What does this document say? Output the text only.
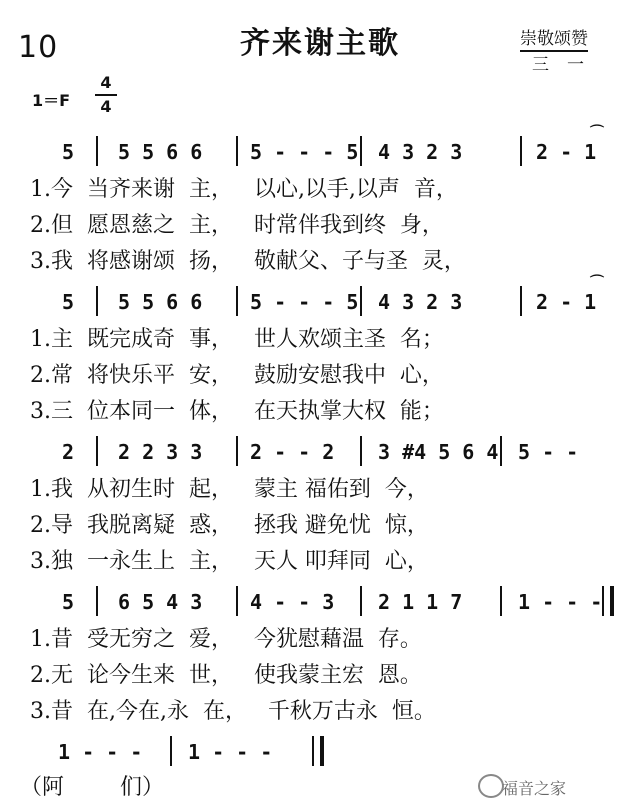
10	齐来谢主歌	崇敬颂赞
三一
1＝F
4
4
5 5 5 6 6 5 - - - 5 4 3 2 3	2 - 1
⌒
1.今  当齐来谢  主，   以心,以手,以声  音，
2.但  愿恩慈之  主，   时常伴我到终  身，
3.我  将感谢颂  扬，   敬献父、子与圣  灵，
5 5 5 6 6 5 - - - 5 4 3 2 3	2 - 1
⌒
1.主  既完成奇  事，   世人欢颂主圣  名；
2.常  将快乐平  安，   鼓励安慰我中  心，
3.三  位本同一  体，   在天执掌大权  能；
2 2 2 3 3 2 - - 2 3 #4 5 6 4 5 - -
1.我  从初生时  起，   蒙主 福佑到  今，
2.导  我脱离疑  惑，   拯我 避免忧  惊，
3.独  一永生上  主，   天人 叩拜同  心，
5 6 5 4 3 4 - - 3 2 1 1 7	1 - - -
1.昔  受无穷之  爱，   今犹慰藉温  存。
2.无  论今生来  世，   使我蒙主宏  恩。
3.昔  在,今在,永  在，   千秋万古永  恒。
1 - - - 1 - - -
（阿        们）	福音之家
